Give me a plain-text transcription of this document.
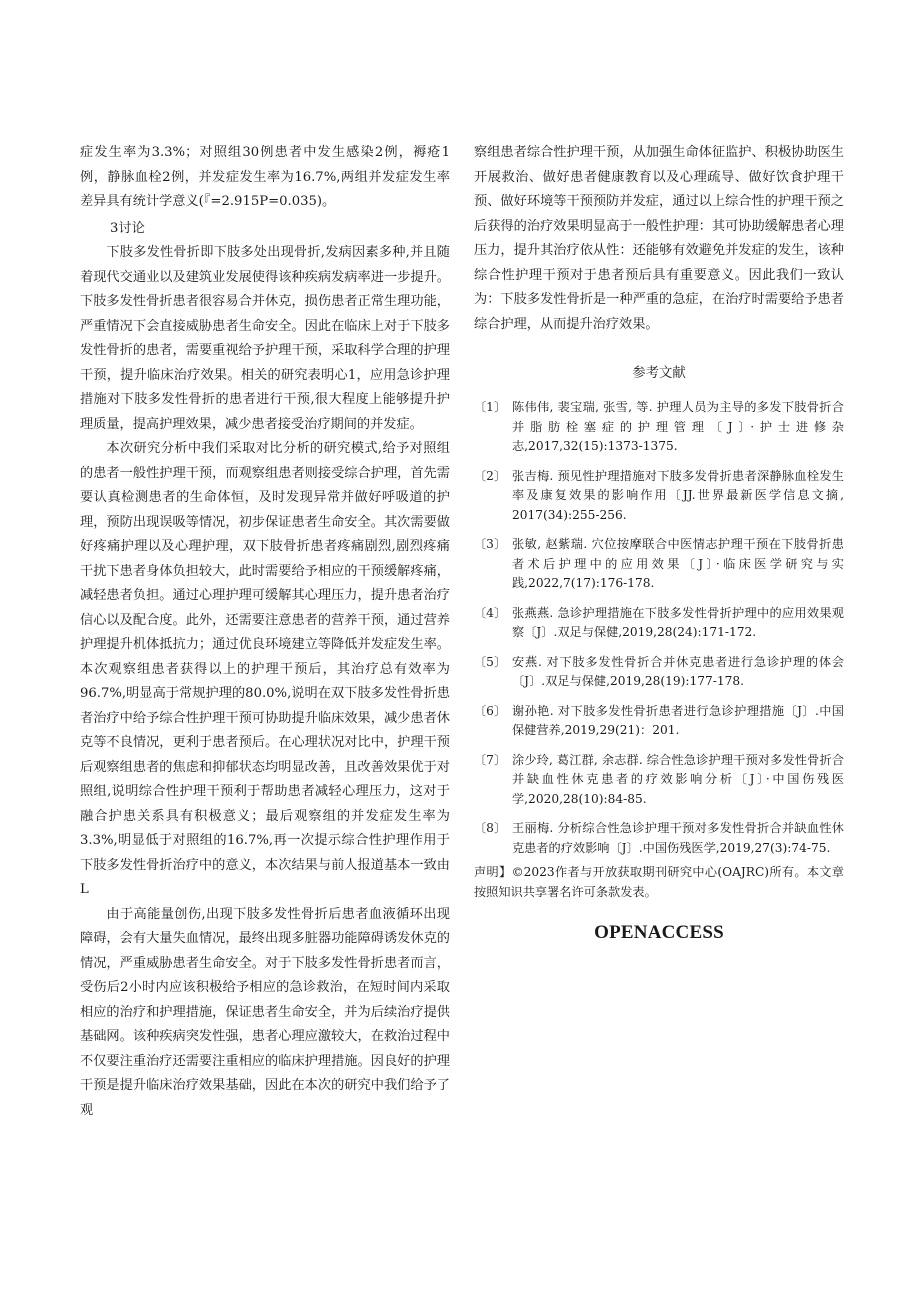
症发生率为3.3%；对照组30例患者中发生感染2例，褥疮1例，静脉血栓2例，并发症发生率为16.7%,两组并发症发生率差异具有统计学意义(『=2.915P=0.035)。

3讨论

下肢多发性骨折即下肢多处出现骨折,发病因素多种,并且随着现代交通业以及建筑业发展使得该种疾病发病率进一步提升。下肢多发性骨折患者很容易合并休克，损伤患者正常生理功能，严重情况下会直接威胁患者生命安全。因此在临床上对于下肢多发性骨折的患者，需要重视给予护理干预，采取科学合理的护理干预，提升临床治疗效果。相关的研究表明心1，应用急诊护理措施对下肢多发性骨折的患者进行干预,很大程度上能够提升护理质量，提高护理效果，减少患者接受治疗期间的并发症。

本次研究分析中我们采取对比分析的研究模式,给予对照组的患者一般性护理干预，而观察组患者则接受综合护理，首先需要认真检测患者的生命体恒，及时发现异常并做好呼吸道的护理，预防出现误吸等情况，初步保证患者生命安全。其次需要做好疼痛护理以及心理护理，双下肢骨折患者疼痛剧烈,剧烈疼痛干扰下患者身体负担较大，此时需要给予相应的干预缓解疼痛，减轻患者负担。通过心理护理可缓解其心理压力，提升患者治疗信心以及配合度。此外，还需要注意患者的营养干预，通过营养护理提升机体抵抗力；通过优良环境建立等降低并发症发生率。本次观察组患者获得以上的护理干预后，其治疗总有效率为96.7%,明显高于常规护理的80.0%,说明在双下肢多发性骨折患者治疗中给予综合性护理干预可协助提升临床效果，减少患者休克等不良情况，更利于患者预后。在心理状况对比中，护理干预后观察组患者的焦虑和抑郁状态均明显改善，且改善效果优于对照组,说明综合性护理干预利于帮助患者减轻心理压力，这对于融合护患关系具有积极意义；最后观察组的并发症发生率为3.3%,明显低于对照组的16.7%,再一次提示综合性护理作用于下肢多发性骨折治疗中的意义，本次结果与前人报道基本一致由L

由于高能量创伤,出现下肢多发性骨折后患者血液循环出现障碍，会有大量失血情况，最终出现多脏器功能障碍诱发休克的情况，严重威胁患者生命安全。对于下肢多发性骨折患者而言，受伤后2小时内应该积极给予相应的急诊救治，在短时间内采取相应的治疗和护理措施，保证患者生命安全，并为后续治疗提供基础网。该种疾病突发性强，患者心理应激较大，在救治过程中不仅要注重治疗还需要注重相应的临床护理措施。因良好的护理干预是提升临床治疗效果基础，因此在本次的研究中我们给予了观

察组患者综合性护理干预，从加强生命体征监护、积极协助医生开展救治、做好患者健康教育以及心理疏导、做好饮食护理干预、做好环境等干预预防并发症，通过以上综合性的护理干预之后获得的治疗效果明显高于一般性护理：其可协助缓解患者心理压力，提升其治疗依从性：还能够有效避免并发症的发生，该种综合性护理干预对于患者预后具有重要意义。因此我们一致认为：下肢多发性骨折是一种严重的急症，在治疗时需要给予患者综合护理，从而提升治疗效果。

参考文献
〔1〕 陈伟伟, 裴宝瑞, 张雪, 等. 护理人员为主导的多发下肢骨折合并脂肪栓塞症的护理管理〔J〕·护士进修杂志,2017,32(15):1373-1375.
〔2〕 张吉梅. 预见性护理措施对下肢多发骨折患者深静脉血栓发生率及康复效果的影响作用〔JJ.世界最新医学信息文摘, 2017(34):255-256.
〔3〕 张敏, 赵紫瑞. 穴位按摩联合中医情志护理干预在下肢骨折患者术后护理中的应用效果〔J〕·临床医学研究与实践,2022,7(17):176-178.
〔4〕 张燕燕. 急诊护理措施在下肢多发性骨折护理中的应用效果观察〔J〕.双足与保健,2019,28(24):171-172.
〔5〕 安燕. 对下肢多发性骨折合并休克患者进行急诊护理的体会〔J〕.双足与保健,2019,28(19):177-178.
〔6〕 谢孙艳. 对下肢多发性骨折患者进行急诊护理措施〔J〕.中国保健营养,2019,29(21)：201.
〔7〕 涂少玲, 葛江群, 余志群. 综合性急诊护理干预对多发性骨折合并缺血性休克患者的疗效影响分析〔J〕·中国伤残医学,2020,28(10):84-85.
〔8〕 王丽梅. 分析综合性急诊护理干预对多发性骨折合并缺血性休克患者的疗效影响〔J〕.中国伤残医学,2019,27(3):74-75.

声明】©2023作者与开放获取期刊研究中心(OAJRC)所有。本文章按照知识共享署名许可条款发表。

OPENACCESS
